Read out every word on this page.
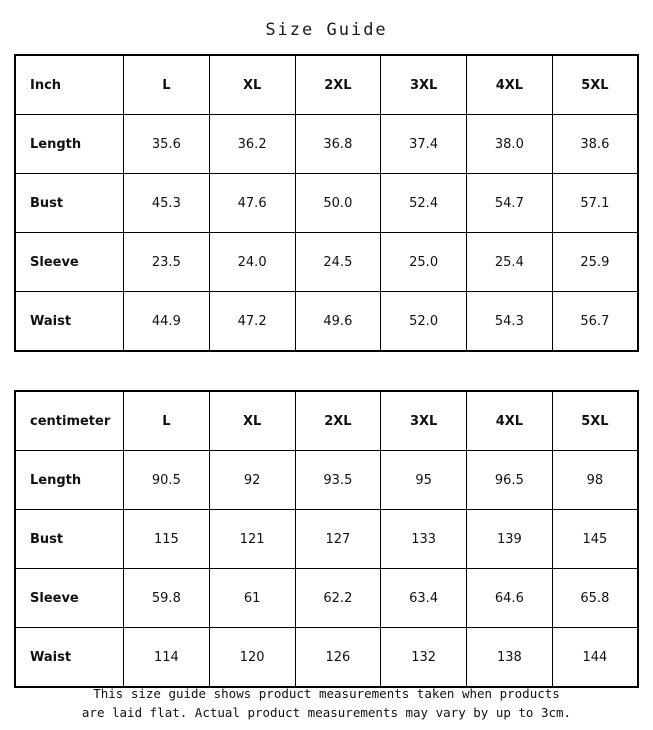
Size Guide
Inch	L	XL	2XL	3XL	4XL	5XL
Length	35.6	36.2	36.8	37.4	38.0	38.6
Bust	45.3	47.6	50.0	52.4	54.7	57.1
Sleeve	23.5	24.0	24.5	25.0	25.4	25.9
Waist	44.9	47.2	49.6	52.0	54.3	56.7
centimeter	L	XL	2XL	3XL	4XL	5XL
Length	90.5	92	93.5	95	96.5	98
Bust	115	121	127	133	139	145
Sleeve	59.8	61	62.2	63.4	64.6	65.8
Waist	114	120	126	132	138	144
This size guide shows product measurements taken when products
are laid flat. Actual product measurements may vary by up to 3cm.
